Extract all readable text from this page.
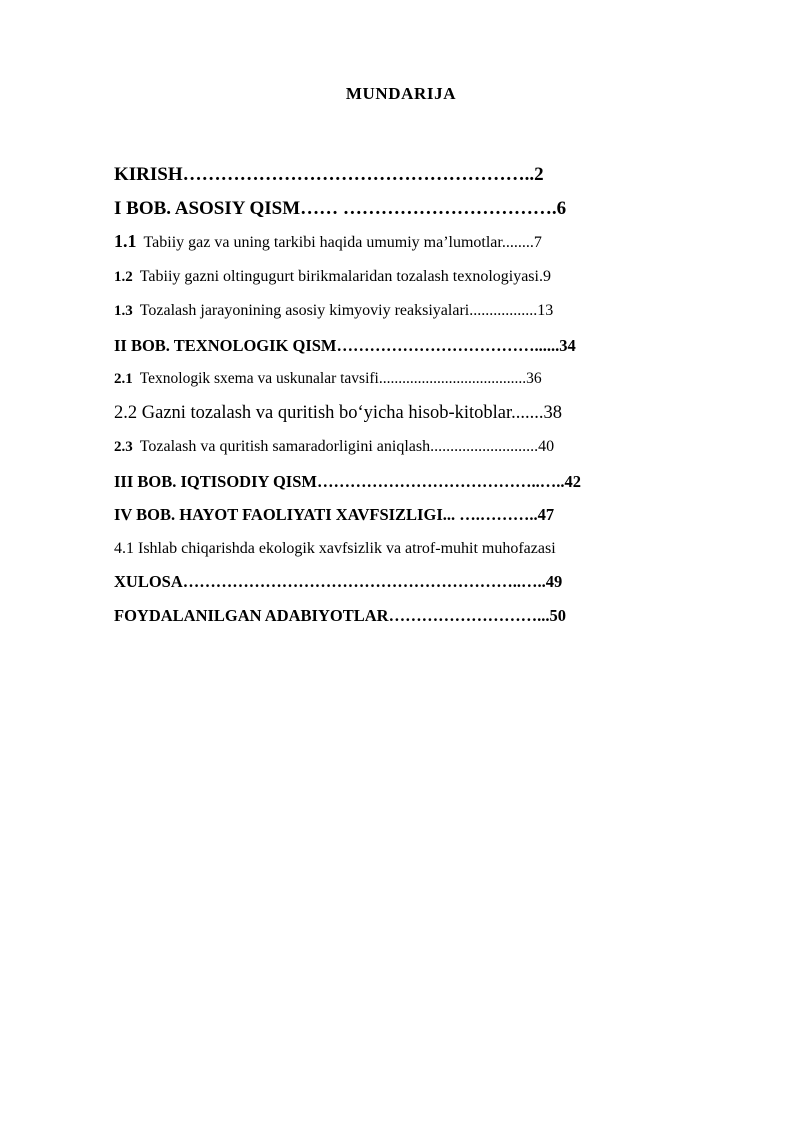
MUNDARIJA

KIRISH………………………………………………..2

I BOB. ASOSIY QISM…… …………………………….6

1.1 Tabiiy gaz va uning tarkibi haqida umumiy ma’lumotlar........7

1.2 Tabiiy gazni oltingugurt birikmalaridan tozalash texnologiyasi.9

1.3 Tozalash jarayonining asosiy kimyoviy reaksiyalari.................13

II BOB. TEXNOLOGIK QISM………………………………......34

2.1 Texnologik sxema va uskunalar tavsifi......................................36

2.2 Gazni tozalash va quritish bo‘yicha hisob-kitoblar.......38

2.3 Tozalash va quritish samaradorligini aniqlash...........................40

III BOB. IQTISODIY QISM…………………………………..…..42

IV BOB. HAYOT FAOLIYATI XAVFSIZLIGI... ….………..47

4.1 Ishlab chiqarishda ekologik xavfsizlik va atrof-muhit muhofazasi

XULOSA……………………………………………………..…..49

FOYDALANILGAN ADABIYOTLAR………………………...50
